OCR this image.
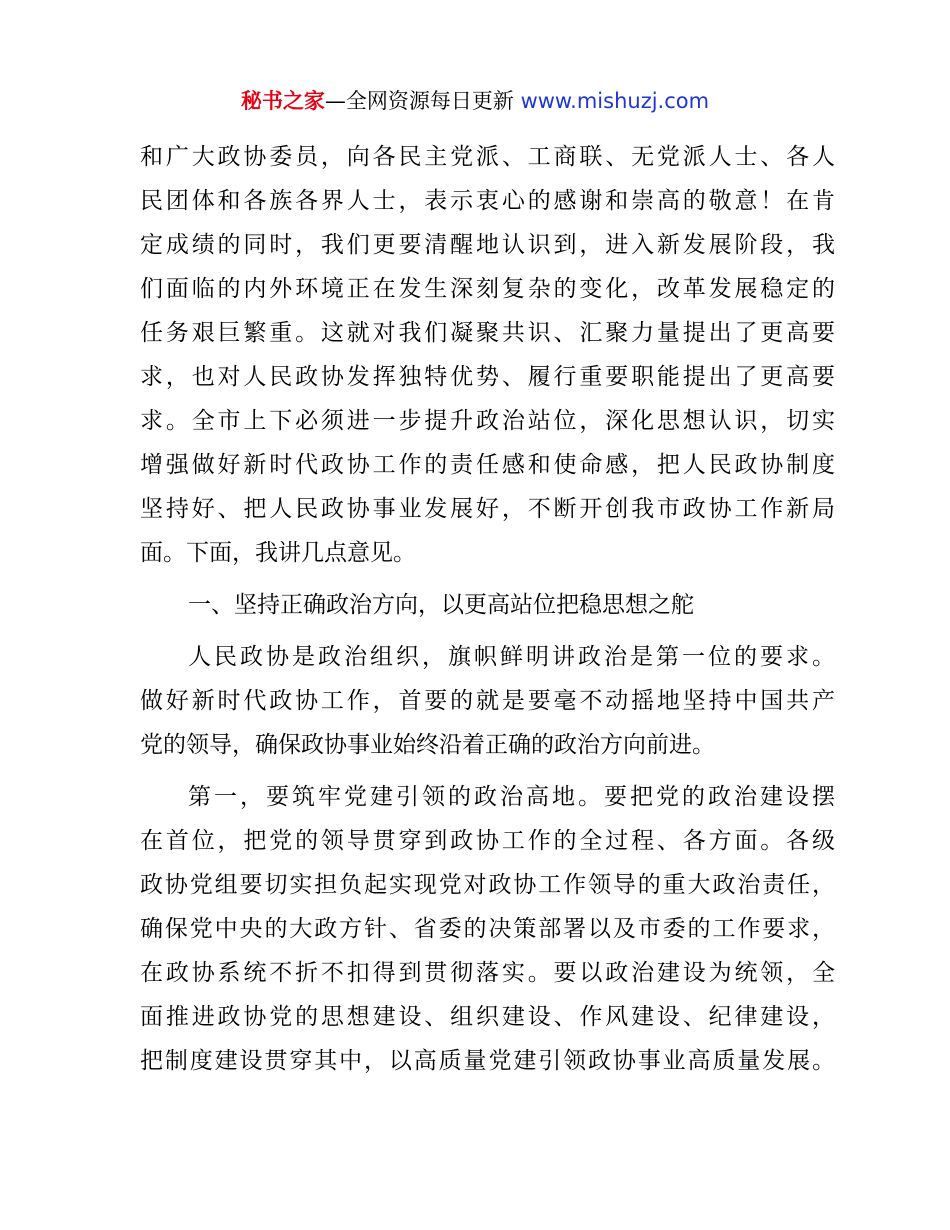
秘书之家—全网资源每日更新 www.mishuzj.com
和广大政协委员，向各民主党派、工商联、无党派人士、各人
民团体和各族各界人士，表示衷心的感谢和崇高的敬意！在肯
定成绩的同时，我们更要清醒地认识到，进入新发展阶段，我
们面临的内外环境正在发生深刻复杂的变化，改革发展稳定的
任务艰巨繁重。这就对我们凝聚共识、汇聚力量提出了更高要
求，也对人民政协发挥独特优势、履行重要职能提出了更高要
求。全市上下必须进一步提升政治站位，深化思想认识，切实
增强做好新时代政协工作的责任感和使命感，把人民政协制度
坚持好、把人民政协事业发展好，不断开创我市政协工作新局
面。下面，我讲几点意见。
一、坚持正确政治方向，以更高站位把稳思想之舵
人民政协是政治组织，旗帜鲜明讲政治是第一位的要求。
做好新时代政协工作，首要的就是要毫不动摇地坚持中国共产
党的领导，确保政协事业始终沿着正确的政治方向前进。
第一，要筑牢党建引领的政治高地。要把党的政治建设摆
在首位，把党的领导贯穿到政协工作的全过程、各方面。各级
政协党组要切实担负起实现党对政协工作领导的重大政治责任，
确保党中央的大政方针、省委的决策部署以及市委的工作要求，
在政协系统不折不扣得到贯彻落实。要以政治建设为统领，全
面推进政协党的思想建设、组织建设、作风建设、纪律建设，
把制度建设贯穿其中，以高质量党建引领政协事业高质量发展。
